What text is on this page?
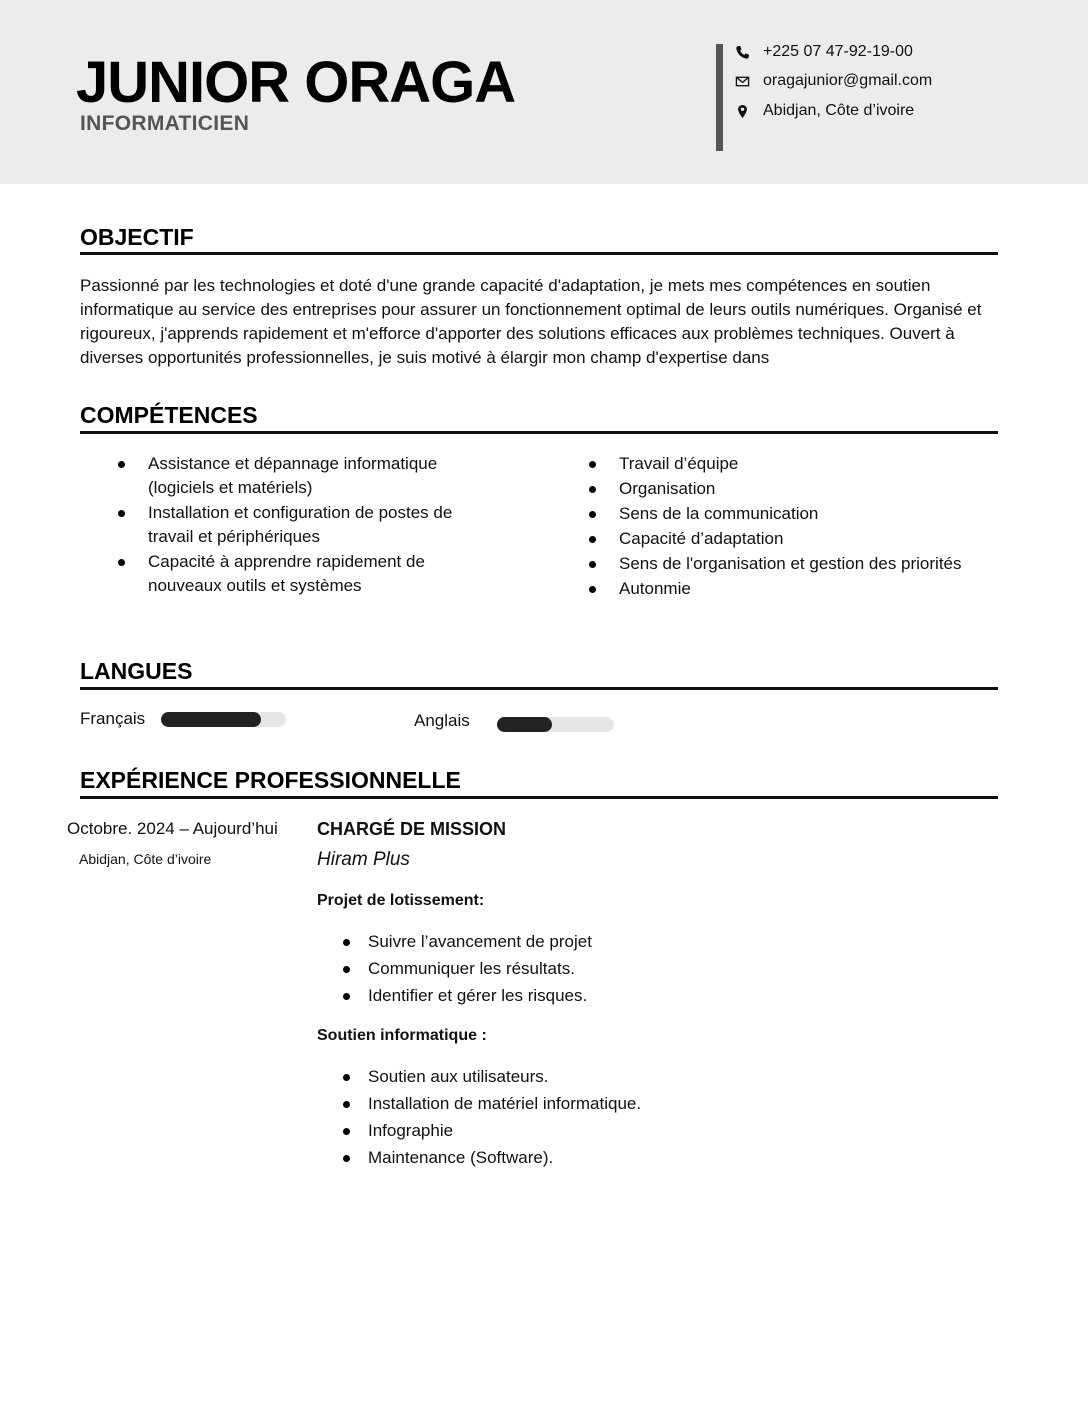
JUNIOR ORAGA
INFORMATICIEN
+225 07 47-92-19-00
oragajunior@gmail.com
Abidjan, Côte d’ivoire
OBJECTIF

Passionné par les technologies et doté d'une grande capacité d'adaptation, je mets mes compétences en soutien informatique au service des entreprises pour assurer un fonctionnement optimal de leurs outils numériques. Organisé et rigoureux, j'apprends rapidement et m'efforce d'apporter des solutions efficaces aux problèmes techniques. Ouvert à diverses opportunités professionnelles, je suis motivé à élargir mon champ d'expertise dans

COMPÉTENCES
Assistance et dépannage informatique (logiciels et matériels)
Installation et configuration de postes de travail et périphériques
Capacité à apprendre rapidement de nouveaux outils et systèmes
Travail d’équipe
Organisation
Sens de la communication
Capacité d’adaptation
Sens de l'organisation et gestion des priorités
Autonmie
LANGUES
Français	Anglais
EXPÉRIENCE PROFESSIONNELLE
Octobre. 2024 – Aujourd’hui
Abidjan, Côte d’ivoire
CHARGÉ DE MISSION
Hiram Plus
Projet de lotissement:
Suivre l’avancement de projet
Communiquer les résultats.
Identifier et gérer les risques.
Soutien informatique :
Soutien aux utilisateurs.
Installation de matériel informatique.
Infographie
Maintenance (Software).
